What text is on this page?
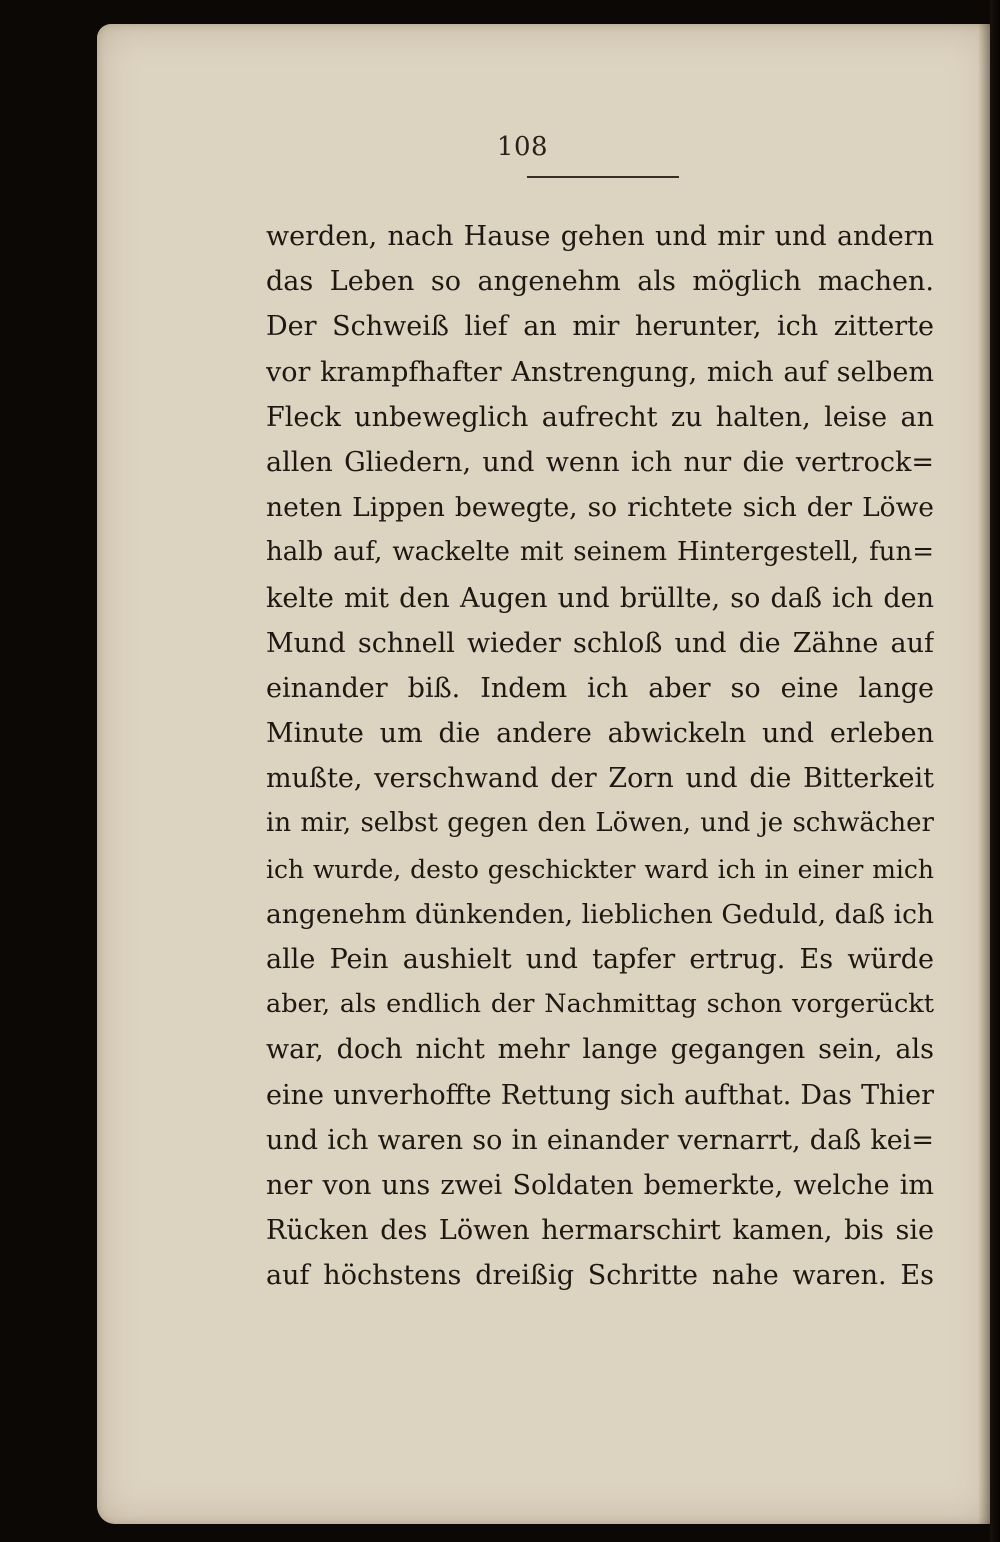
108
werden, nach Hause gehen und mir und andern
das Leben so angenehm als möglich machen.
Der Schweiß lief an mir herunter, ich zitterte
vor krampfhafter Anstrengung, mich auf selbem
Fleck unbeweglich aufrecht zu halten, leise an
allen Gliedern, und wenn ich nur die vertrock=
neten Lippen bewegte, so richtete sich der Löwe
halb auf, wackelte mit seinem Hintergestell, fun=
kelte mit den Augen und brüllte, so daß ich den
Mund schnell wieder schloß und die Zähne auf
einander biß. Indem ich aber so eine lange
Minute um die andere abwickeln und erleben
mußte, verschwand der Zorn und die Bitterkeit
in mir, selbst gegen den Löwen, und je schwächer
ich wurde, desto geschickter ward ich in einer mich
angenehm dünkenden, lieblichen Geduld, daß ich
alle Pein aushielt und tapfer ertrug. Es würde
aber, als endlich der Nachmittag schon vorgerückt
war, doch nicht mehr lange gegangen sein, als
eine unverhoffte Rettung sich aufthat. Das Thier
und ich waren so in einander vernarrt, daß kei=
ner von uns zwei Soldaten bemerkte, welche im
Rücken des Löwen hermarschirt kamen, bis sie
auf höchstens dreißig Schritte nahe waren. Es
